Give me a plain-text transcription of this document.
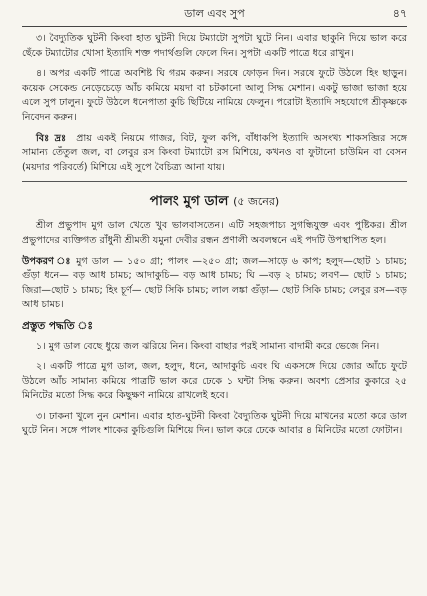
ডাল এবং সুপ	৪৭

৩। বৈদ্যুতিক ঘুটনী কিংবা হাত ঘুটনী দিয়ে টম্যাটো সুপটা ঘুটে নিন। এবার ছাকুনি দিয়ে ভাল করে ছেঁকে টম্যাটোর খোসা ইত্যাদি শক্ত পদার্থগুলি ফেলে দিন। সুপটা একটি পাত্রে ধরে রাখুন।

৪। অপর একটি পাত্রে অবশিষ্ট ঘি গরম করুন। সরষে ফোড়ন দিন। সরষে ফুটে উঠলে হিং ছাড়ুন। কয়েক সেকেন্ড নেড়েচেড়ে আঁচ কমিয়ে ময়দা বা চটকানো আলু সিদ্ধ মেশান। একটু ভাজা ভাজা হয়ে এলে সুপ ঢালুন। ফুটে উঠলে ধনেপাতা কুচি ছিটিয়ে নামিয়ে ফেলুন। পরোটা ইত্যাদি সহযোগে শ্রীকৃষ্ণকে নিবেদন করুন।

বিঃ দ্রঃ প্রায় একই নিয়মে গাজর, বিট, ফুল কপি, বাঁধাকপি ইত্যাদি অসংখ্য শাকসব্জির সঙ্গে সামান্য তেঁতুল জল, বা লেবুর রস কিংবা টম্যাটো রস মিশিয়ে, কখনও বা ফুটানো চাউমিন বা বেসন (ময়দার পরিবর্তে) মিশিয়ে এই সুপে বৈচিত্র্য আনা যায়।

পালং মুগ ডাল (৫ জনের)

শ্রীল প্রভুপাদ মুগ ডাল খেতে খুব ভালবাসতেন। এটি সহজপাচ্য সুগন্ধিযুক্ত এবং পুষ্টিকর। শ্রীল প্রভুপাদের ব্যক্তিগত রাঁধুনী শ্রীমতী যমুনা দেবীর রন্ধন প্রণালী অবলম্বনে এই পদটি উপস্থাপিত হল।

উপকরণ ঃ মুগ ডাল — ১৫০ গ্রা; পালং —২৫০ গ্রা; জল—সাড়ে ৬ কাপ; হলুদ—ছোট ১ চামচ; গুঁড়া ধনে— বড় আধ চামচ; আদাকুচি— বড় আধ চামচ; ঘি —বড় ২ চামচ; লবণ— ছোট ১ চামচ; জিরা—ছোট ১ চামচ; হিং চূর্ণ— ছোট সিকি চামচ; লাল লঙ্কা গুঁড়া— ছোট সিকি চামচ; লেবুর রস—বড় আধ চামচ।

প্রস্তুত পদ্ধতি ঃ

১। মুগ ডাল বেছে ধুয়ে জল ঝরিয়ে নিন। কিংবা বাছার পরই সামান্য বাদামী করে ভেজে নিন।

২। একটি পাত্রে মুগ ডাল, জল, হলুদ, ধনে, আদাকুচি এবং ঘি একসঙ্গে দিয়ে জোর আঁচে ফুটে উঠলে আঁচ সামান্য কমিয়ে পাত্রটি ভাল করে ঢেকে ১ ঘন্টা সিদ্ধ করুন। অবশ্য প্রেসার কুকারে ২৫ মিনিটের মতো সিদ্ধ করে কিছুক্ষণ নামিয়ে রাখলেই হবে।

৩। ঢাকনা খুলে নুন মেশান। এবার হাত-ঘুটনী কিংবা বৈদ্যুতিক ঘুটনী দিয়ে মাখনের মতো করে ডাল ঘুটে নিন। সঙ্গে পালং শাকের কুচিগুলি মিশিয়ে দিন। ভাল করে ঢেকে আবার ৪ মিনিটের মতো ফোটান।
